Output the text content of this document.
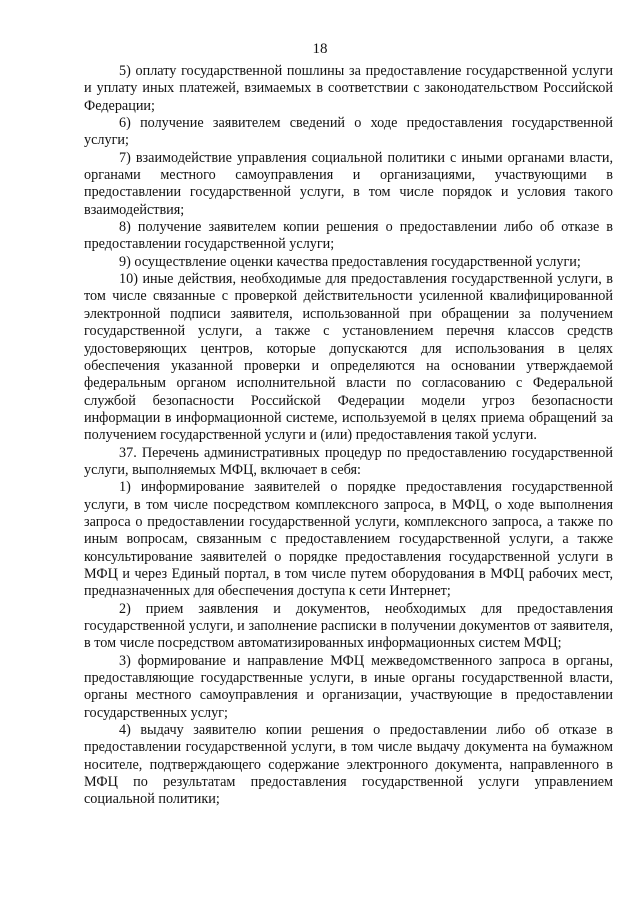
18

5) оплату государственной пошлины за предоставление государственной услуги и уплату иных платежей, взимаемых в соответствии с законодательством Российской Федерации;

6) получение заявителем сведений о ходе предоставления государственной услуги;

7) взаимодействие управления социальной политики с иными органами власти, органами местного самоуправления и организациями, участвующими в предоставлении государственной услуги, в том числе порядок и условия такого взаимодействия;

8) получение заявителем копии решения о предоставлении либо об отказе в предоставлении государственной услуги;

9) осуществление оценки качества предоставления государственной услуги;

10) иные действия, необходимые для предоставления государственной услуги, в том числе связанные с проверкой действительности усиленной квалифицированной электронной подписи заявителя, использованной при обращении за получением государственной услуги, а также с установлением перечня классов средств удостоверяющих центров, которые допускаются для использования в целях обеспечения указанной проверки и определяются на основании утверждаемой федеральным органом исполнительной власти по согласованию с Федеральной службой безопасности Российской Федерации модели угроз безопасности информации в информационной системе, используемой в целях приема обращений за получением государственной услуги и (или) предоставления такой услуги.

37. Перечень административных процедур по предоставлению государственной услуги, выполняемых МФЦ, включает в себя:

1) информирование заявителей о порядке предоставления государственной услуги, в том числе посредством комплексного запроса, в МФЦ, о ходе выполнения запроса о предоставлении государственной услуги, комплексного запроса, а также по иным вопросам, связанным с предоставлением государственной услуги, а также консультирование заявителей о порядке предоставления государственной услуги в МФЦ и через Единый портал, в том числе путем оборудования в МФЦ рабочих мест, предназначенных для обеспечения доступа к сети Интернет;

2) прием заявления и документов, необходимых для предоставления государственной услуги, и заполнение расписки в получении документов от заявителя, в том числе посредством автоматизированных информационных систем МФЦ;

3) формирование и направление МФЦ межведомственного запроса в органы, предоставляющие государственные услуги, в иные органы государственной власти, органы местного самоуправления и организации, участвующие в предоставлении государственных услуг;

4) выдачу заявителю копии решения о предоставлении либо об отказе в предоставлении государственной услуги, в том числе выдачу документа на бумажном носителе, подтверждающего содержание электронного документа, направленного в МФЦ по результатам предоставления государственной услуги управлением социальной политики;
